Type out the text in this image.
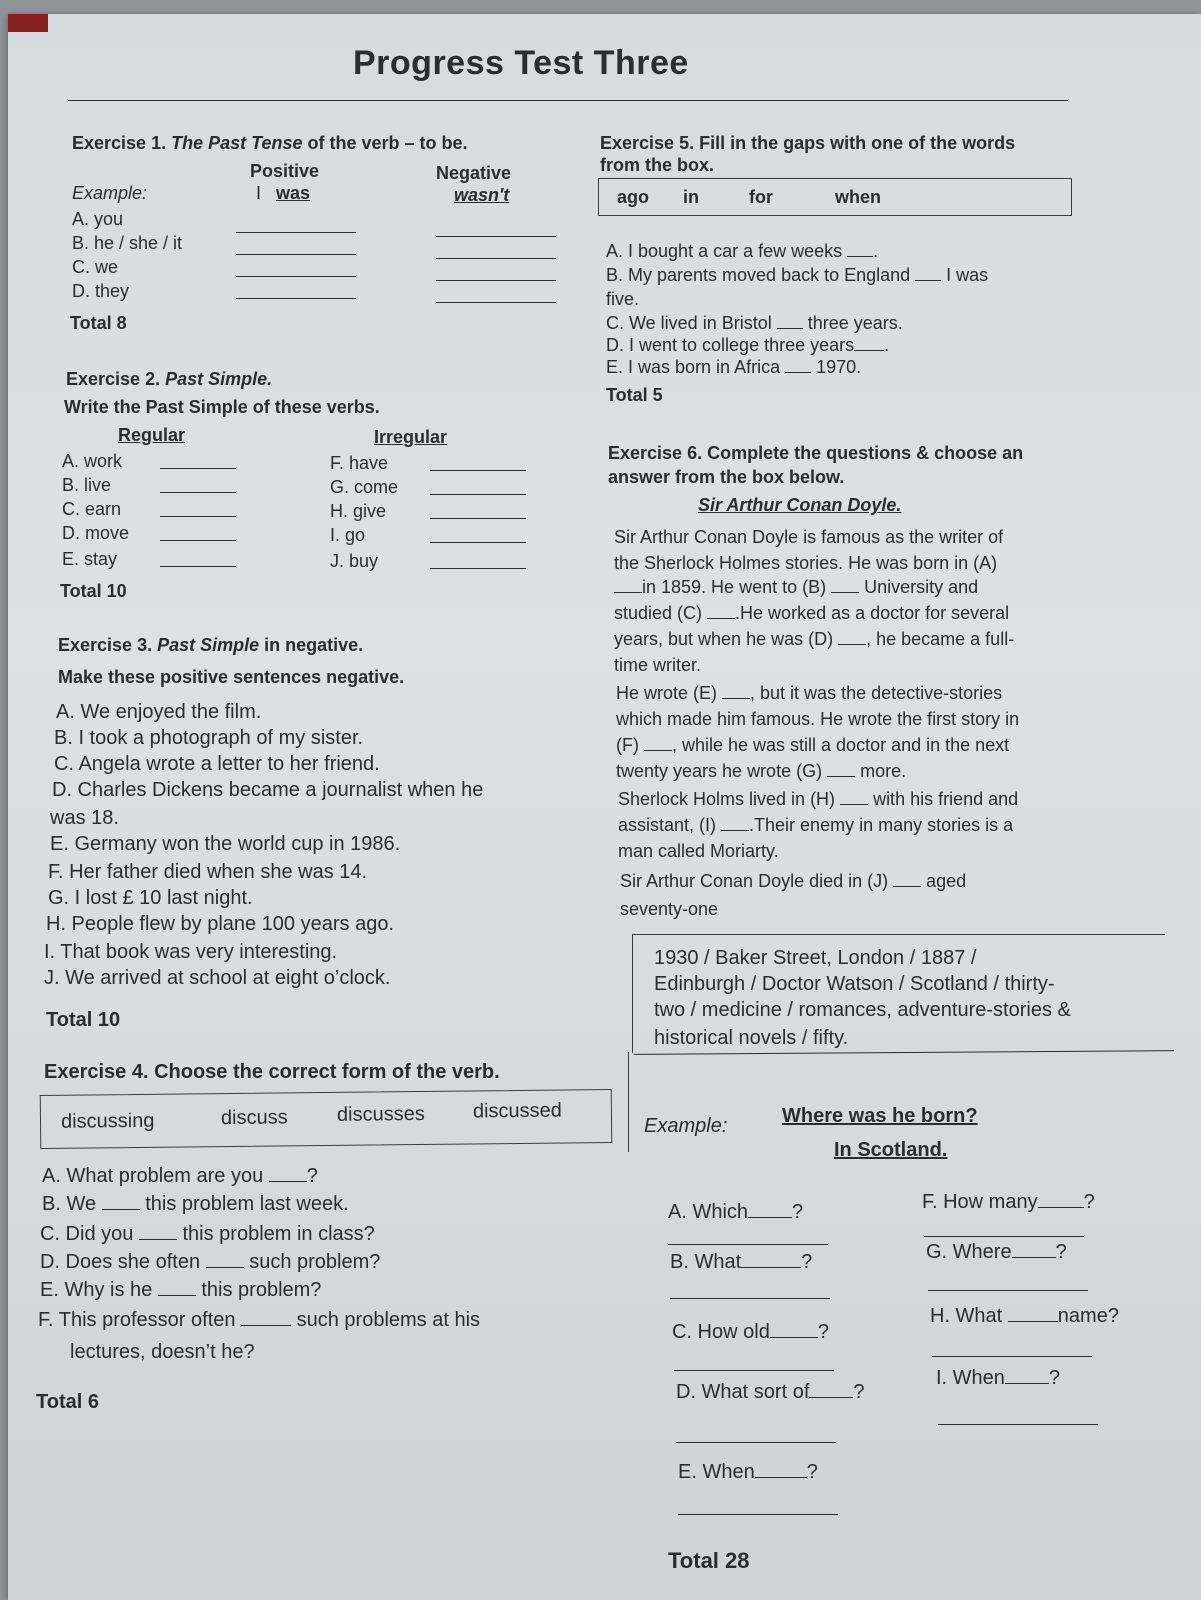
Progress Test Three
Exercise 1. The Past Tense of the verb – to be.
Positive	Negative
Example:	I was	wasn't
A. you
B. he / she / it
C. we
D. they
Total 8
Exercise 2. Past Simple.
Write the Past Simple of these verbs.
Regular	Irregular
A. work
B. live
C. earn
D. move
E. stay
F. have
G. come
H. give
I. go
J. buy
Total 10
Exercise 3. Past Simple in negative.
Make these positive sentences negative.
A. We enjoyed the film.
B. I took a photograph of my sister.
C. Angela wrote a letter to her friend.
D. Charles Dickens became a journalist when he
was 18.
E. Germany won the world cup in 1986.
F. Her father died when she was 14.
G. I lost £ 10 last night.
H. People flew by plane 100 years ago.
I. That book was very interesting.
J. We arrived at school at eight o’clock.
Total 10
Exercise 4. Choose the correct form of the verb.
discussing	discuss discusses discussed
A. What problem are you ?
B. We  this problem last week.
C. Did you  this problem in class?
D. Does she often  such problem?
E. Why is he  this problem?
F. This professor often	such problems at his
lectures, doesn’t he?
Total 6
Exercise 5. Fill in the gaps with one of the words
from the box.
ago in	for	when
A. I bought a car a few weeks .
B. My parents moved back to England  I was
five.
C. We lived in Bristol  three years.
D. I went to college three years .
E. I was born in Africa  1970.
Total 5
Exercise 6. Complete the questions & choose an
answer from the box below.
Sir Arthur Conan Doyle.
Sir Arthur Conan Doyle is famous as the writer of
the Sherlock Holmes stories. He was born in (A)
in 1859. He went to (B)  University and
studied (C) .He worked as a doctor for several
years, but when he was (D) , he became a full-
time writer.
He wrote (E) , but it was the detective-stories
which made him famous. He wrote the first story in
(F) , while he was still a doctor and in the next
twenty years he wrote (G)  more.
Sherlock Holms lived in (H)  with his friend and
assistant, (I) .Their enemy in many stories is a
man called Moriarty.
Sir Arthur Conan Doyle died in (J)  aged
seventy-one
1930 / Baker Street, London / 1887 /
Edinburgh / Doctor Watson / Scotland / thirty-
two / medicine / romances, adventure-stories &
historical novels / fifty.
Example:	Where was he born?
In Scotland.
A. Which ?
B. What	?
C. How old ?
D. What sort of ?
E. When	?
F. How many ?
G. Where ?
H. What	name?
I. When ?
Total 28
